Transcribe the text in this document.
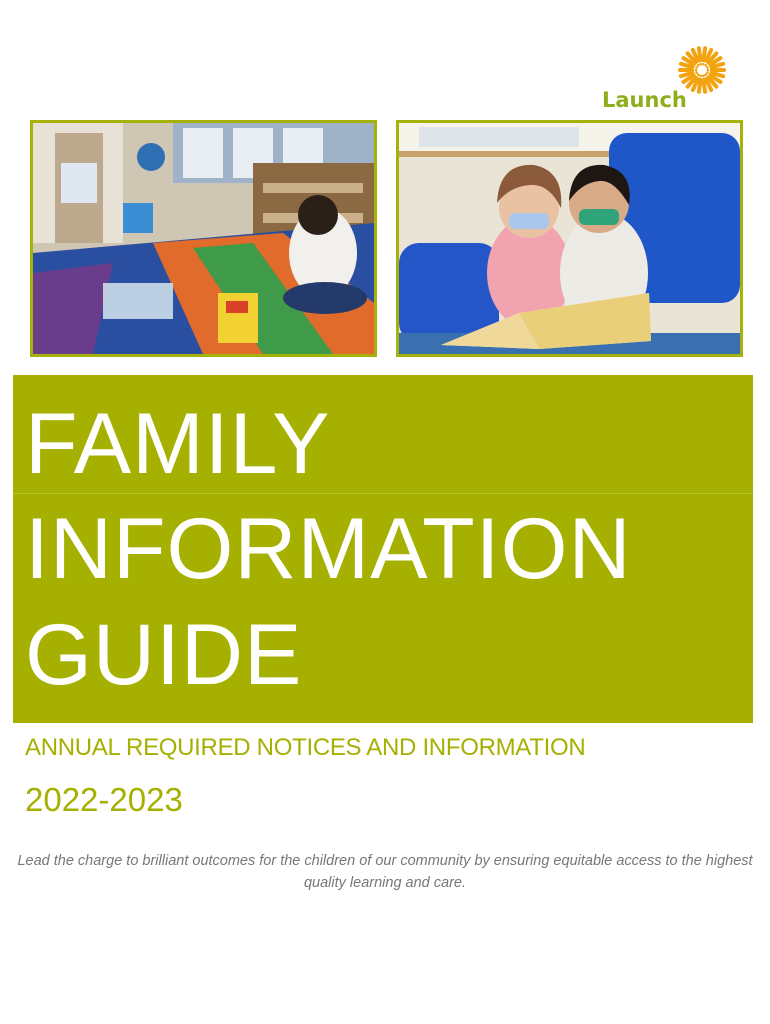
Launch
FAMILY
INFORMATION
GUIDE
ANNUAL REQUIRED NOTICES AND INFORMATION
2022-2023
Lead the charge to brilliant outcomes for the children of our community by ensuring equitable access to the highest quality learning and care.
